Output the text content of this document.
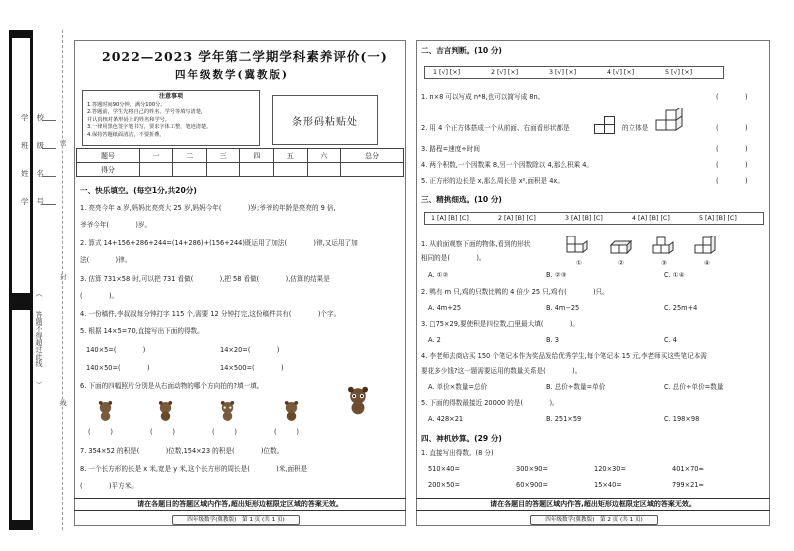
学校
班级
姓名
学号
密
封
线
（　　答题不得超过此线　　）
2022—2023 学年第二学期学科素养评价(一)
四年级数学(冀教版)
注意事项
1.答题时间90分钟，满分100分。
2.答题前，学生先将自己的姓名、学号等填写清楚，
并认真核对条形码上的姓名和学号。
3.一律用黑色签字笔书写，要求字体工整，笔迹清楚。
4.保持答题纸面清洁，不要折叠。
条形码粘贴处
题号	一	二	三	四	五	六	总分
得分							
一、快乐填空。(每空1分,共20分)
1. 亮亮今年 a 岁,妈妈比亮亮大 25 岁,妈妈今年(　　　　)岁;爷爷的年龄是亮亮的 9 倍,
爷爷今年(　　　　)岁。
2. 算式 14+156+286+244=(14+286)+(156+244)既运用了加法(　　　　)律,又运用了加
法(　　　　)律。
3. 估算 731×58 时,可以把 731 看做(　　　　),把 58 看做(　　　　),估算的结果是
(　　　　)。
4. 一份稿件,李叔叔每分钟打字 115 个,需要 12 分钟打完,这份稿件共有(　　　　)个字。
5. 根据 14×5=70,直接写出下面的得数。
140×5=(　　　　)	14×20=(　　　　)
140×50=(　　　　)	14×500=(　　　　)
6. 下面的四幅照片分别是从右面动物的哪个方向拍的?填一填。
(　　　)	(　　　)	(　　　)	(　　　)
7. 354×52 的积是(　　　　)位数,154×23 的积是(　　　　)位数。
8. 一个长方形的长是 x 米,宽是 y 米,这个长方形的周长是(　　　　)米,面积是
(　　　　)平方米。
请在各题目的答题区域内作答,超出矩形边框限定区域的答案无效。
四年级数学(冀教版)　第 1 页 (共 1 页)
二、吉言判断。(10 分)
1 [√] [×]	2 [√] [×]	3 [√] [×]	4 [√] [×]	5 [√] [×]
1. n×8 可以写成 n*8,也可以简写成 8n。	(　　　　)
2. 用 4 个正方体搭成一个从前面、右面看形状都是	的立体是	(　　　　)
3. 路程=速度÷时间	(　　　　)
4. 两个积数,一个因数乘 8,另一个因数除以 4,那么积乘 4。	(　　　　)
5. 正方形的边长是 x,那么周长是 x²,面积是 4x。	(　　　　)
三、精挑细选。(10 分)
1 [A] [B] [C]	2 [A] [B] [C]	3 [A] [B] [C]	4 [A] [B] [C]	5 [A] [B] [C]
1. 从前面观察下面的物体,看到的形状
相同的是(　　　　)。
①	②	③	④
A. ①②	B. ②③	C. ①④
2. 鸭有 m 只,鸡的只数比鸭的 4 倍少 25 只,鸡有(　　　　)只。
A. 4m+25	B. 4m−25	C. 25m+4
3. □75×29,要使积是四位数,□里最大填(　　　　)。
A. 2	B. 3	C. 4
4. 李老师去商店买 150 个笔记本作为奖品发给优秀学生,每个笔记本 15 元,李老师买这些笔记本需
要花多少钱?这一题需要运用的数量关系是(　　　　)。
A. 单价×数量=总价	B. 总价÷数量=单价	C. 总价÷单价=数量
5. 下面的得数最接近 20000 的是(　　　　)。
A. 428×21	B. 251×59	C. 198×98
四、神机妙算。(29 分)
1. 直接写出得数。(8 分)
510×40=	300×90=	120×30=	401×70≈
200×50=	60×900=	15×40=	799×21≈
请在各题目的答题区域内作答,超出矩形边框限定区域的答案无效。
四年级数学(冀教版)　第 2 页 (共 1 页)
